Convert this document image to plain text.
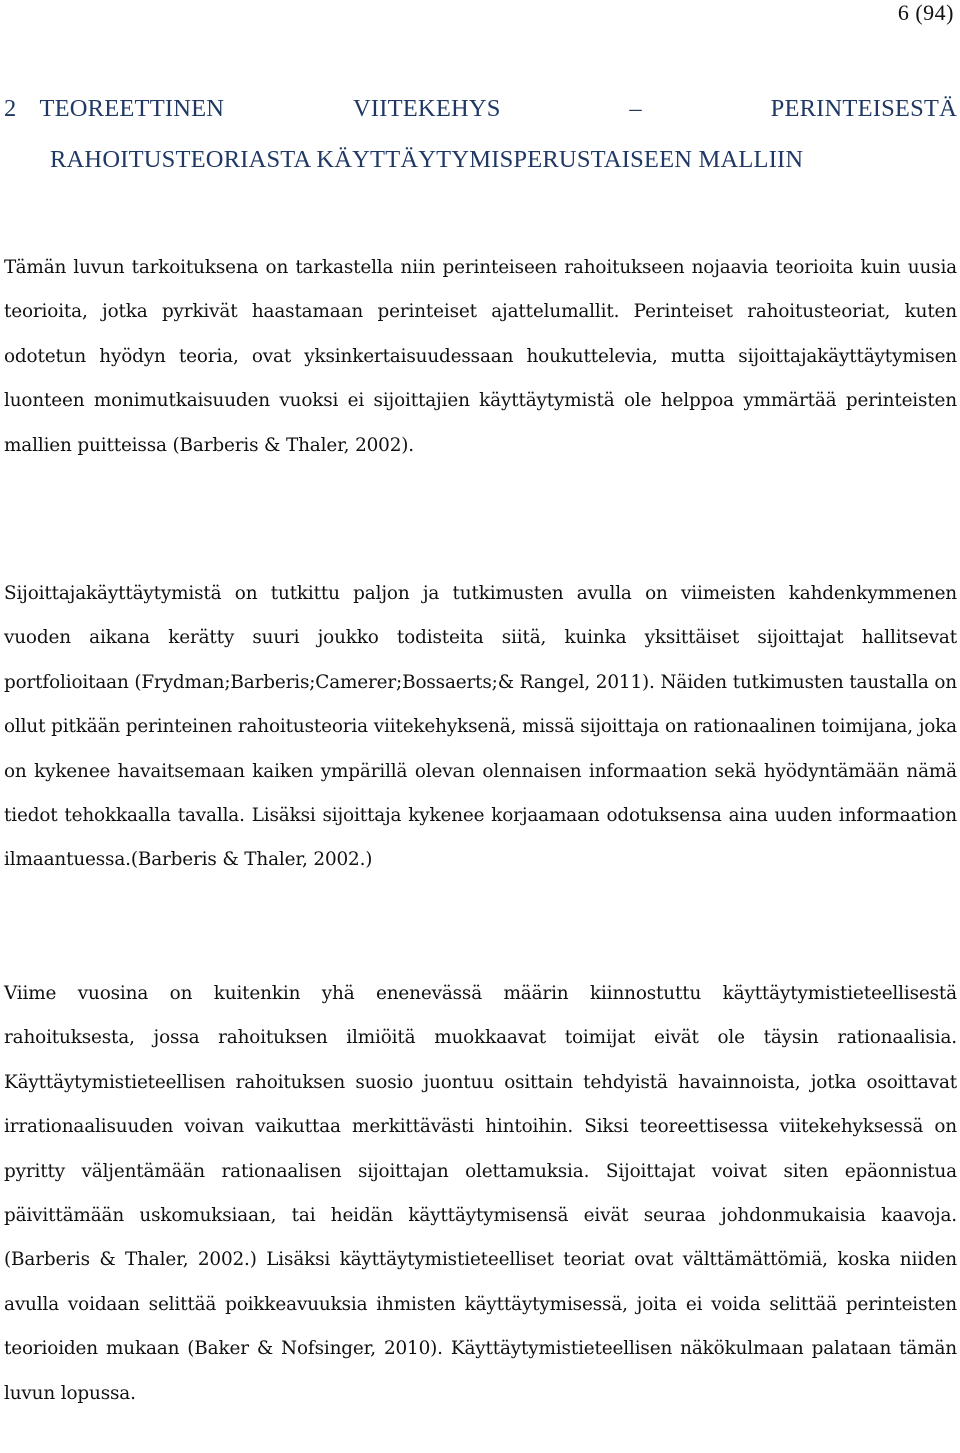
6 (94)
2 TEOREETTINEN	VIITEKEHYS	–	PERINTEISESTÄ
RAHOITUSTEORIASTA KÄYTTÄYTYMISPERUSTAISEEN MALLIIN

Tämän luvun tarkoituksena on tarkastella niin perinteiseen rahoitukseen nojaavia teorioita kuin uusia teorioita, jotka pyrkivät haastamaan perinteiset ajattelumallit. Perinteiset rahoitusteoriat, kuten odotetun hyödyn teoria, ovat yksinkertaisuudessaan houkuttelevia, mutta sijoittajakäyttäytymisen luonteen monimutkaisuuden vuoksi ei sijoittajien käyttäytymistä ole helppoa ymmärtää perinteisten mallien puitteissa (Barberis & Thaler, 2002).

Sijoittajakäyttäytymistä on tutkittu paljon ja tutkimusten avulla on viimeisten kahdenkymmenen vuoden aikana kerätty suuri joukko todisteita siitä, kuinka yksittäiset sijoittajat hallitsevat portfolioitaan (Frydman;Barberis;Camerer;Bossaerts;& Rangel, 2011). Näiden tutkimusten taustalla on ollut pitkään perinteinen rahoitusteoria viitekehyksenä, missä sijoittaja on rationaalinen toimijana, joka on kykenee havaitsemaan kaiken ympärillä olevan olennaisen informaation sekä hyödyntämään nämä tiedot tehokkaalla tavalla. Lisäksi sijoittaja kykenee korjaamaan odotuksensa aina uuden informaation ilmaantuessa.(Barberis & Thaler, 2002.)

Viime vuosina on kuitenkin yhä enenevässä määrin kiinnostuttu käyttäytymistieteellisestä rahoituksesta, jossa rahoituksen ilmiöitä muokkaavat toimijat eivät ole täysin rationaalisia. Käyttäytymistieteellisen rahoituksen suosio juontuu osittain tehdyistä havainnoista, jotka osoittavat irrationaalisuuden voivan vaikuttaa merkittävästi hintoihin. Siksi teoreettisessa viitekehyksessä on pyritty väljentämään rationaalisen sijoittajan olettamuksia. Sijoittajat voivat siten epäonnistua päivittämään uskomuksiaan, tai heidän käyttäytymisensä eivät seuraa johdonmukaisia kaavoja. (Barberis & Thaler, 2002.) Lisäksi käyttäytymistieteelliset teoriat ovat välttämättömiä, koska niiden avulla voidaan selittää poikkeavuuksia ihmisten käyttäytymisessä, joita ei voida selittää perinteisten teorioiden mukaan (Baker & Nofsinger, 2010). Käyttäytymistieteellisen näkökulmaan palataan tämän luvun lopussa.
